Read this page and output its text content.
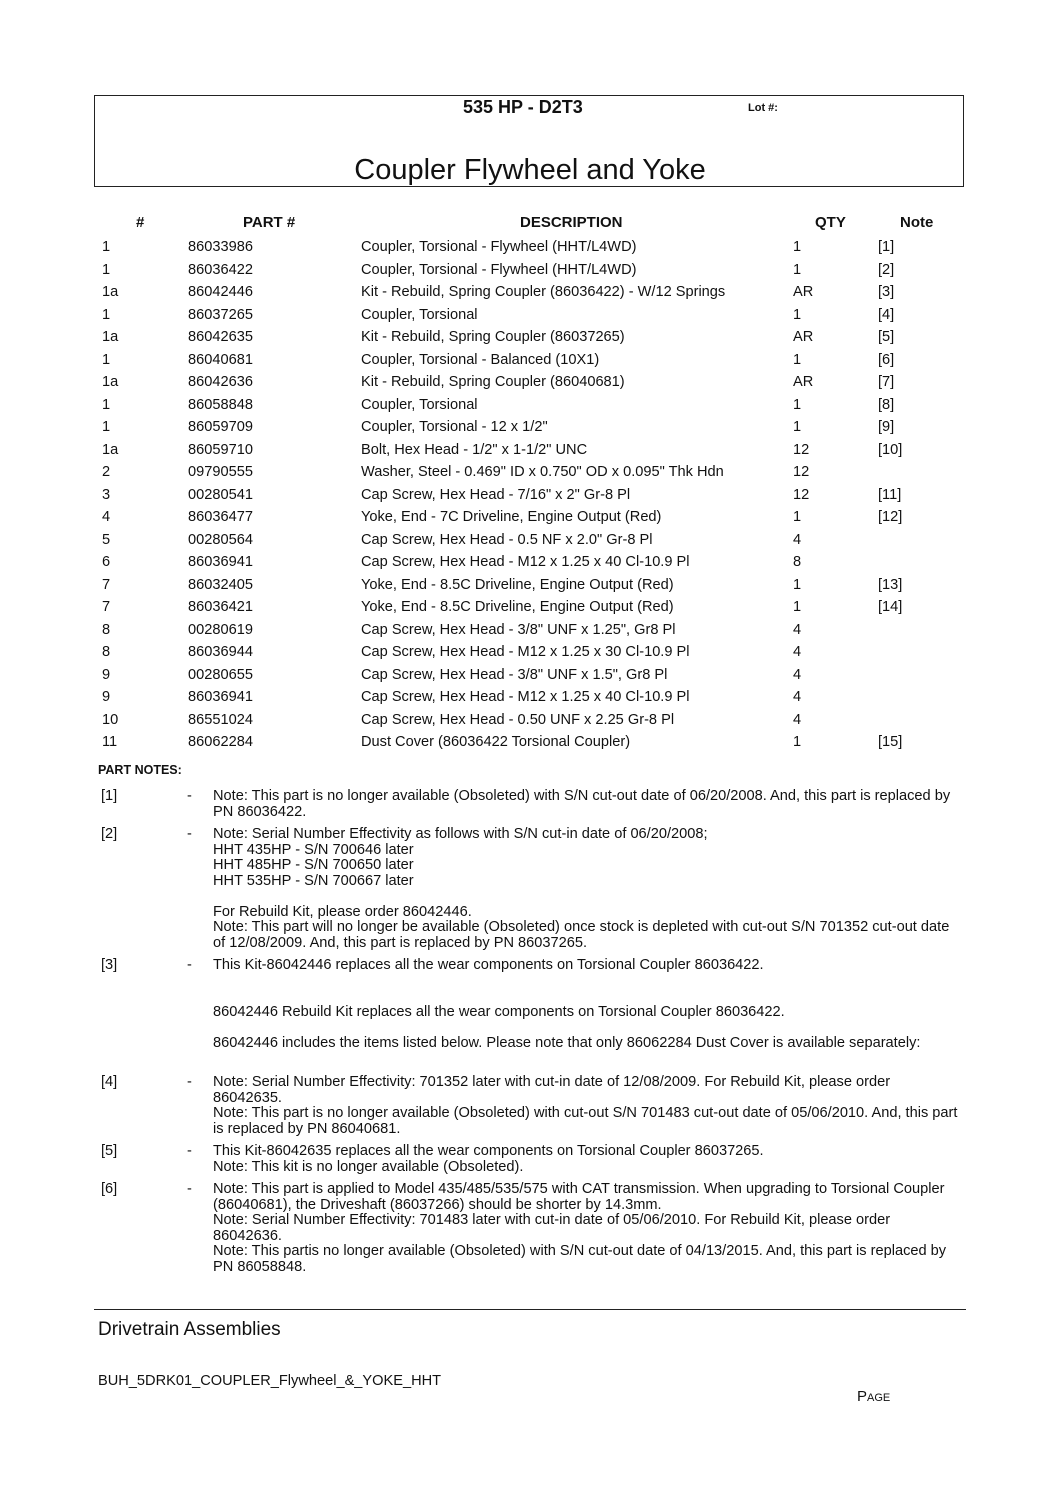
535 HP - D2T3	Lot #:
Coupler Flywheel and Yoke
#	PART #	DESCRIPTION	QTY	Note
1	86033986	Coupler, Torsional - Flywheel (HHT/L4WD)	1	[1]
1	86036422	Coupler, Torsional - Flywheel (HHT/L4WD)	1	[2]
1a	86042446	Kit - Rebuild, Spring Coupler (86036422) - W/12 Springs	AR	[3]
1	86037265	Coupler, Torsional	1	[4]
1a	86042635	Kit - Rebuild, Spring Coupler (86037265)	AR	[5]
1	86040681	Coupler, Torsional - Balanced (10X1)	1	[6]
1a	86042636	Kit - Rebuild, Spring Coupler (86040681)	AR	[7]
1	86058848	Coupler, Torsional	1	[8]
1	86059709	Coupler, Torsional - 12 x 1/2"	1	[9]
1a	86059710	Bolt, Hex Head - 1/2" x 1-1/2" UNC	12	[10]
2	09790555	Washer, Steel - 0.469" ID x 0.750" OD x 0.095" Thk Hdn	12
3	00280541	Cap Screw, Hex Head - 7/16" x 2" Gr-8 Pl	12	[11]
4	86036477	Yoke, End - 7C Driveline, Engine Output (Red)	1	[12]
5	00280564	Cap Screw, Hex Head - 0.5 NF x 2.0" Gr-8 Pl	4
6	86036941	Cap Screw, Hex Head - M12 x 1.25 x 40 Cl-10.9 Pl	8
7	86032405	Yoke, End - 8.5C Driveline, Engine Output (Red)	1	[13]
7	86036421	Yoke, End - 8.5C Driveline, Engine Output (Red)	1	[14]
8	00280619	Cap Screw, Hex Head - 3/8" UNF x 1.25", Gr8 Pl	4
8	86036944	Cap Screw, Hex Head - M12 x 1.25 x 30 Cl-10.9 Pl	4
9	00280655	Cap Screw, Hex Head - 3/8" UNF x 1.5", Gr8 Pl	4
9	86036941	Cap Screw, Hex Head - M12 x 1.25 x 40 Cl-10.9 Pl	4
10	86551024	Cap Screw, Hex Head - 0.50 UNF x 2.25 Gr-8 Pl	4
11	86062284	Dust Cover (86036422 Torsional Coupler)	1	[15]
PART NOTES:
[1]	- Note: This part is no longer available (Obsoleted) with S/N cut-out date of 06/20/2008. And, this part is replaced by PN 86036422.

[2]	- Note: Serial Number Effectivity as follows with S/N cut-in date of 06/20/2008;

HHT 435HP - S/N 700646 later

HHT 485HP - S/N 700650 later

HHT 535HP - S/N 700667 later

For Rebuild Kit, please order 86042446.

Note: This part will no longer be available (Obsoleted) once stock is depleted with cut-out S/N 701352 cut-out date of 12/08/2009. And, this part is replaced by PN 86037265.

[3]	- This Kit-86042446 replaces all the wear components on Torsional Coupler 86036422.

86042446 Rebuild Kit replaces all the wear components on Torsional Coupler 86036422.

86042446 includes the items listed below. Please note that only 86062284 Dust Cover is available separately:

[4]	- Note: Serial Number Effectivity: 701352 later with cut-in date of 12/08/2009. For Rebuild Kit, please order 86042635.

Note: This part is no longer available (Obsoleted) with cut-out S/N 701483 cut-out date of 05/06/2010. And, this part is replaced by PN 86040681.

[5]	- This Kit-86042635 replaces all the wear components on Torsional Coupler 86037265.

Note: This kit is no longer available (Obsoleted).

[6]	- Note: This part is applied to Model 435/485/535/575 with CAT transmission. When upgrading to Torsional Coupler (86040681), the Driveshaft (86037266) should be shorter by 14.3mm.

Note: Serial Number Effectivity: 701483 later with cut-in date of 05/06/2010. For Rebuild Kit, please order 86042636.

Note: This partis no longer available (Obsoleted) with S/N cut-out date of 04/13/2015. And, this part is replaced by PN 86058848.

Drivetrain Assemblies
BUH_5DRK01_COUPLER_Flywheel_&_YOKE_HHT
Page
